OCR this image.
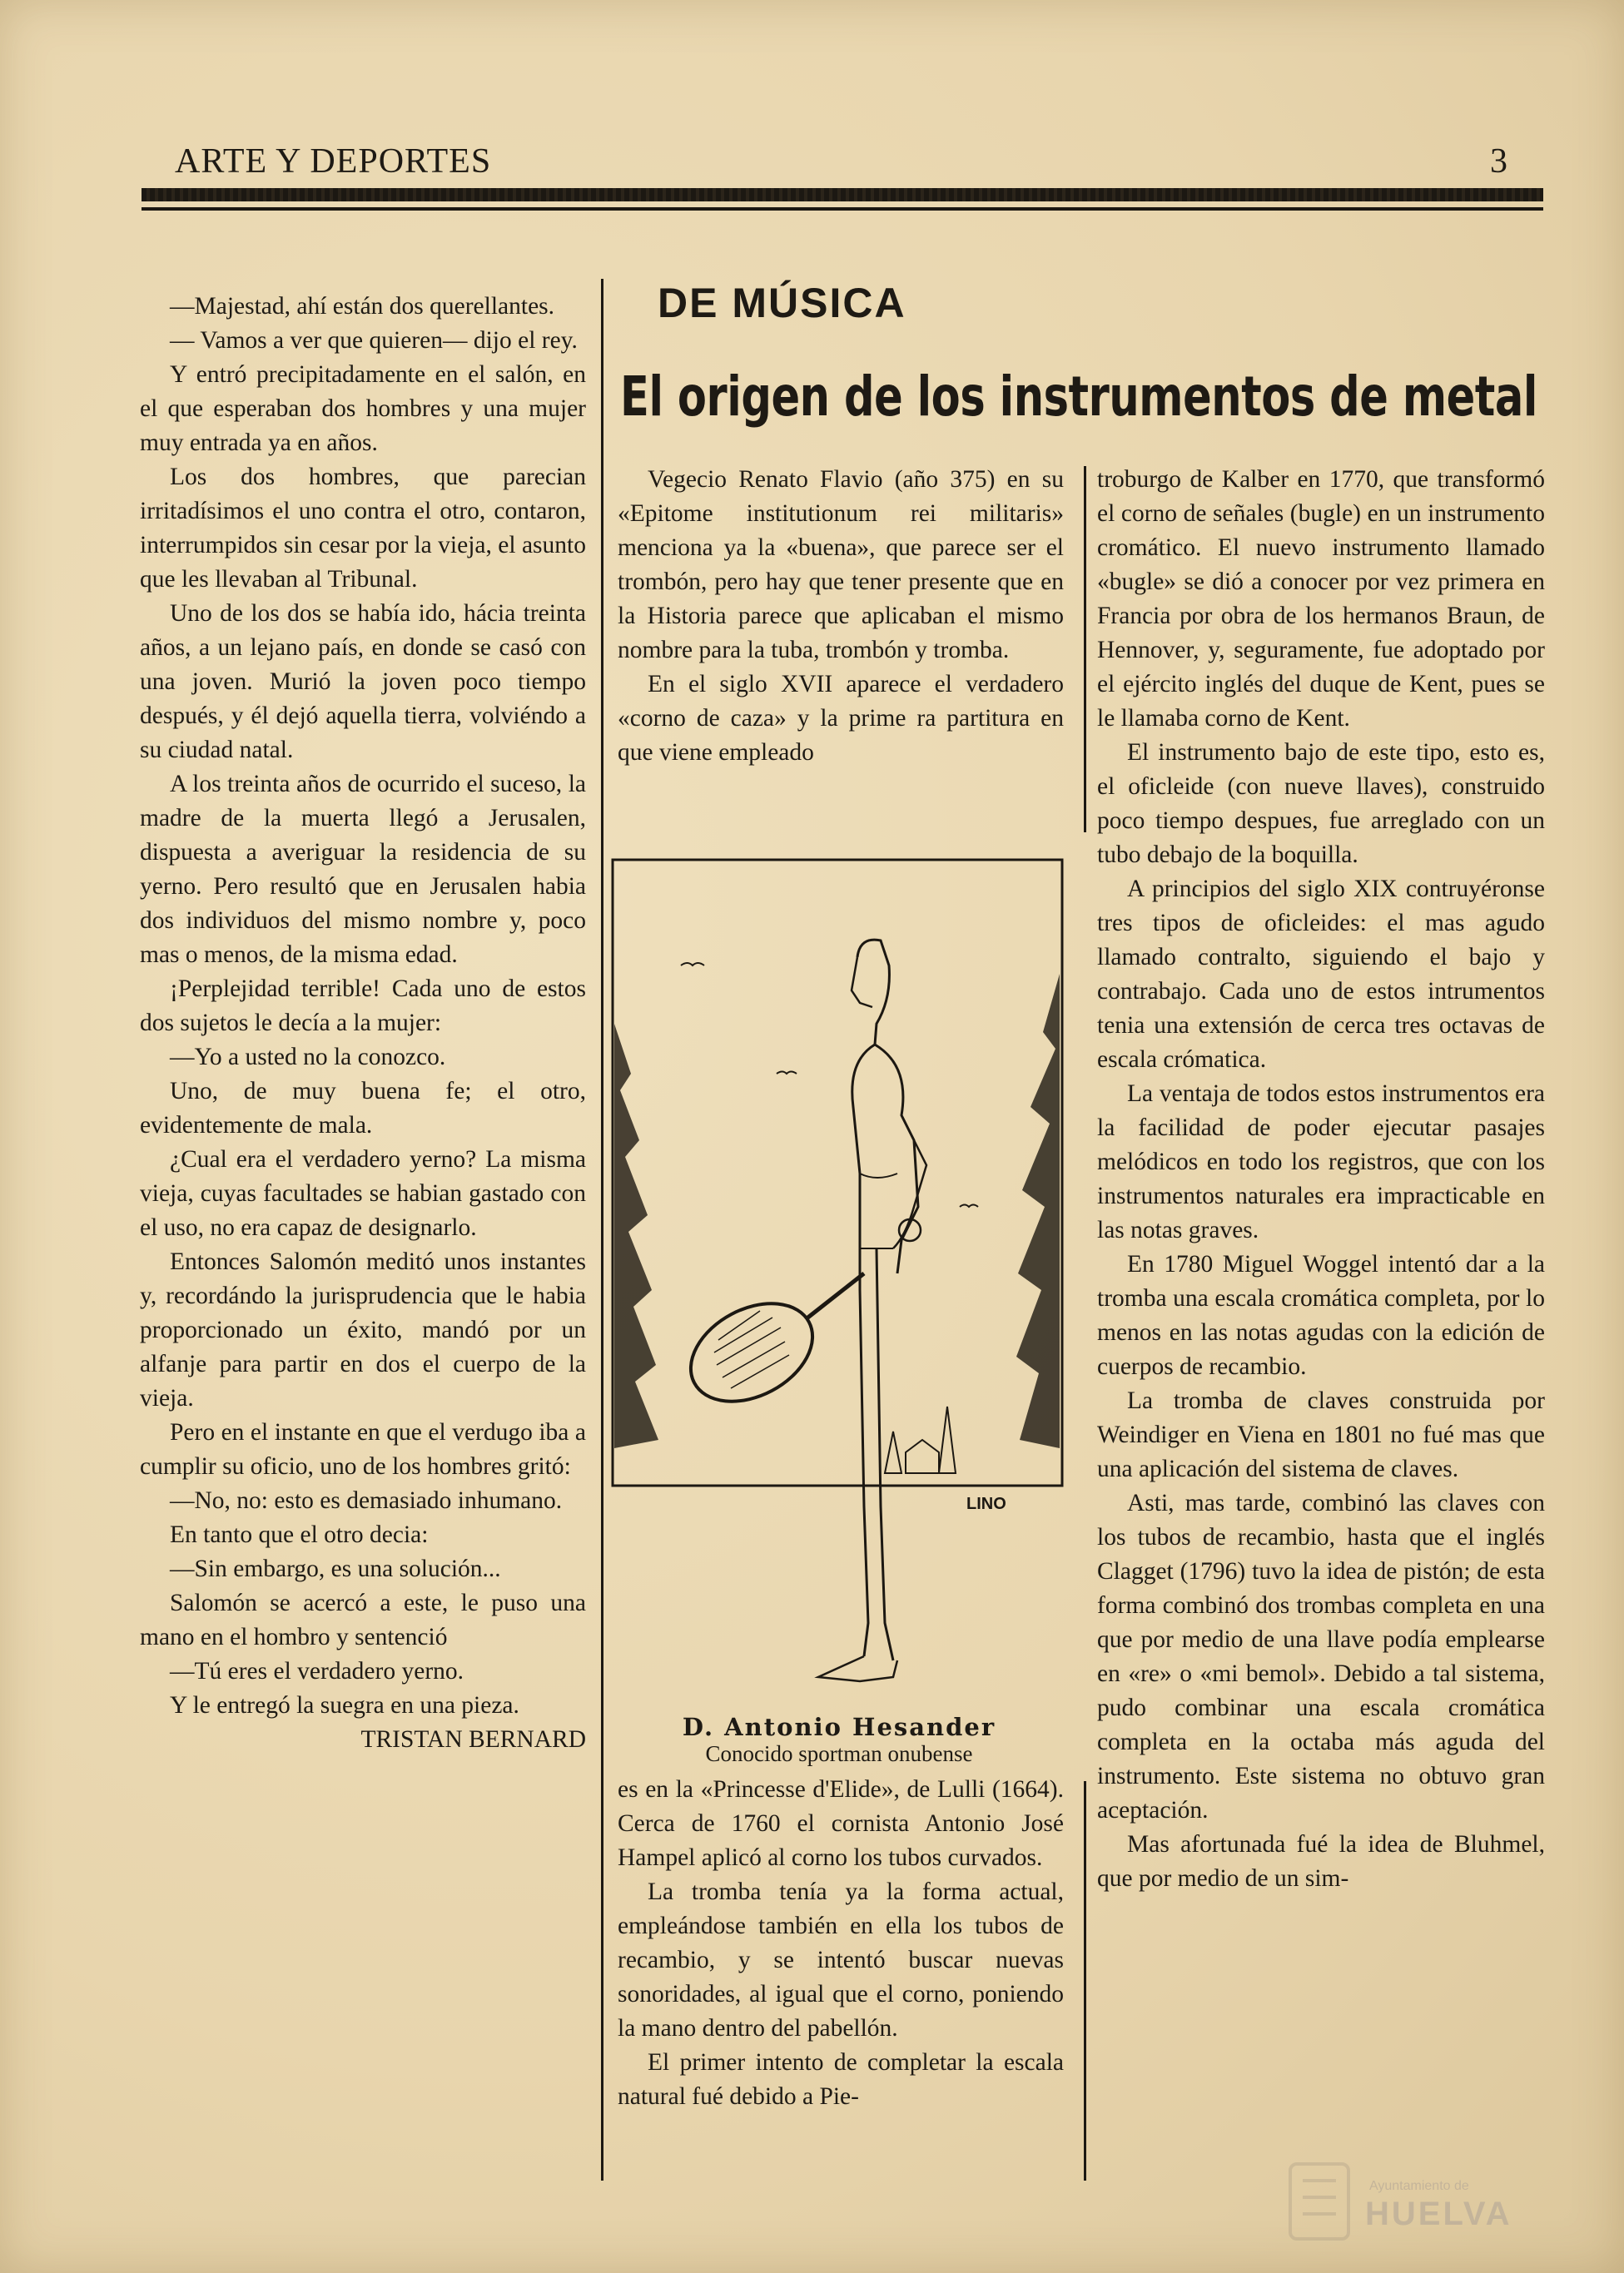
ARTE Y DEPORTES	3

—Majestad, ahí están dos querellantes.

— Vamos a ver que quieren— dijo el rey.

Y entró precipitadamente en el salón, en el que esperaban dos hombres y una mujer muy entrada ya en años.

Los dos hombres, que parecian irritadísimos el uno contra el otro, contaron, interrumpidos sin cesar por la vieja, el asunto que les llevaban al Tribunal.

Uno de los dos se había ido, hácia treinta años, a un lejano país, en donde se casó con una joven. Murió la joven poco tiempo después, y él dejó aquella tierra, volviéndo a su ciudad natal.

A los treinta años de ocurrido el suceso, la madre de la muerta llegó a Jerusalen, dispuesta a averiguar la residencia de su yerno. Pero resultó que en Jerusalen habia dos individuos del mismo nombre y, poco mas o menos, de la misma edad.

¡Perplejidad terrible! Cada uno de estos dos sujetos le decía a la mujer:

—Yo a usted no la conozco.

Uno, de muy buena fe; el otro, evidentemente de mala.

¿Cual era el verdadero yerno? La misma vieja, cuyas facultades se habian gastado con el uso, no era capaz de designarlo.

Entonces Salomón meditó unos instantes y, recordándo la jurisprudencia que le habia proporcionado un éxito, mandó por un alfanje para partir en dos el cuerpo de la vieja.

Pero en el instante en que el verdugo iba a cumplir su oficio, uno de los hombres gritó:

—No, no: esto es demasiado inhumano.

En tanto que el otro decia:

—Sin embargo, es una solución...

Salomón se acercó a este, le puso una mano en el hombro y sentenció

—Tú eres el verdadero yerno.

Y le entregó la suegra en una pieza.

TRISTAN BERNARD

DE MÚSICA
El origen de los instrumentos de metal

Vegecio Renato Flavio (año 375) en su «Epitome institutionum rei militaris» menciona ya la «buena», que parece ser el trombón, pero hay que tener presente que en la Historia parece que aplicaban el mismo nombre para la tuba, trombón y tromba.

En el siglo XVII aparece el verdadero «corno de caza» y la prime ra partitura en que viene empleado

LINO
D. Antonio Hesander
Conocido sportman onubense

es en la «Princesse d'Elide», de Lulli (1664). Cerca de 1760 el cornista Antonio José Hampel aplicó al corno los tubos curvados.

La tromba tenía ya la forma actual, empleándose también en ella los tubos de recambio, y se intentó buscar nuevas sonoridades, al igual que el corno, poniendo la mano dentro del pabellón.

El primer intento de completar la escala natural fué debido a Pie-

troburgo de Kalber en 1770, que transformó el corno de señales (bugle) en un instrumento cromático. El nuevo instrumento llamado «bugle» se dió a conocer por vez primera en Francia por obra de los hermanos Braun, de Hennover, y, seguramente, fue adoptado por el ejército inglés del duque de Kent, pues se le llamaba corno de Kent.

El instrumento bajo de este tipo, esto es, el oficleide (con nueve llaves), construido poco tiempo despues, fue arreglado con un tubo debajo de la boquilla.

A principios del siglo XIX contruyéronse tres tipos de oficleides: el mas agudo llamado contralto, siguiendo el bajo y contrabajo. Cada uno de estos intrumentos tenia una extensión de cerca tres octavas de escala crómatica.

La ventaja de todos estos instrumentos era la facilidad de poder ejecutar pasajes melódicos en todo los registros, que con los instrumentos naturales era impracticable en las notas graves.

En 1780 Miguel Woggel intentó dar a la tromba una escala cromática completa, por lo menos en las notas agudas con la edición de cuerpos de recambio.

La tromba de claves construida por Weindiger en Viena en 1801 no fué mas que una aplicación del sistema de claves.

Asti, mas tarde, combinó las claves con los tubos de recambio, hasta que el inglés Clagget (1796) tuvo la idea de pistón; de esta forma combinó dos trombas completa en una que por medio de una llave podía emplearse en «re» o «mi bemol». Debido a tal sistema, pudo combinar una escala cromática completa en la octaba más aguda del instrumento. Este sistema no obtuvo gran aceptación.

Mas afortunada fué la idea de Bluhmel, que por medio de un sim-

Ayuntamiento de
HUELVA
